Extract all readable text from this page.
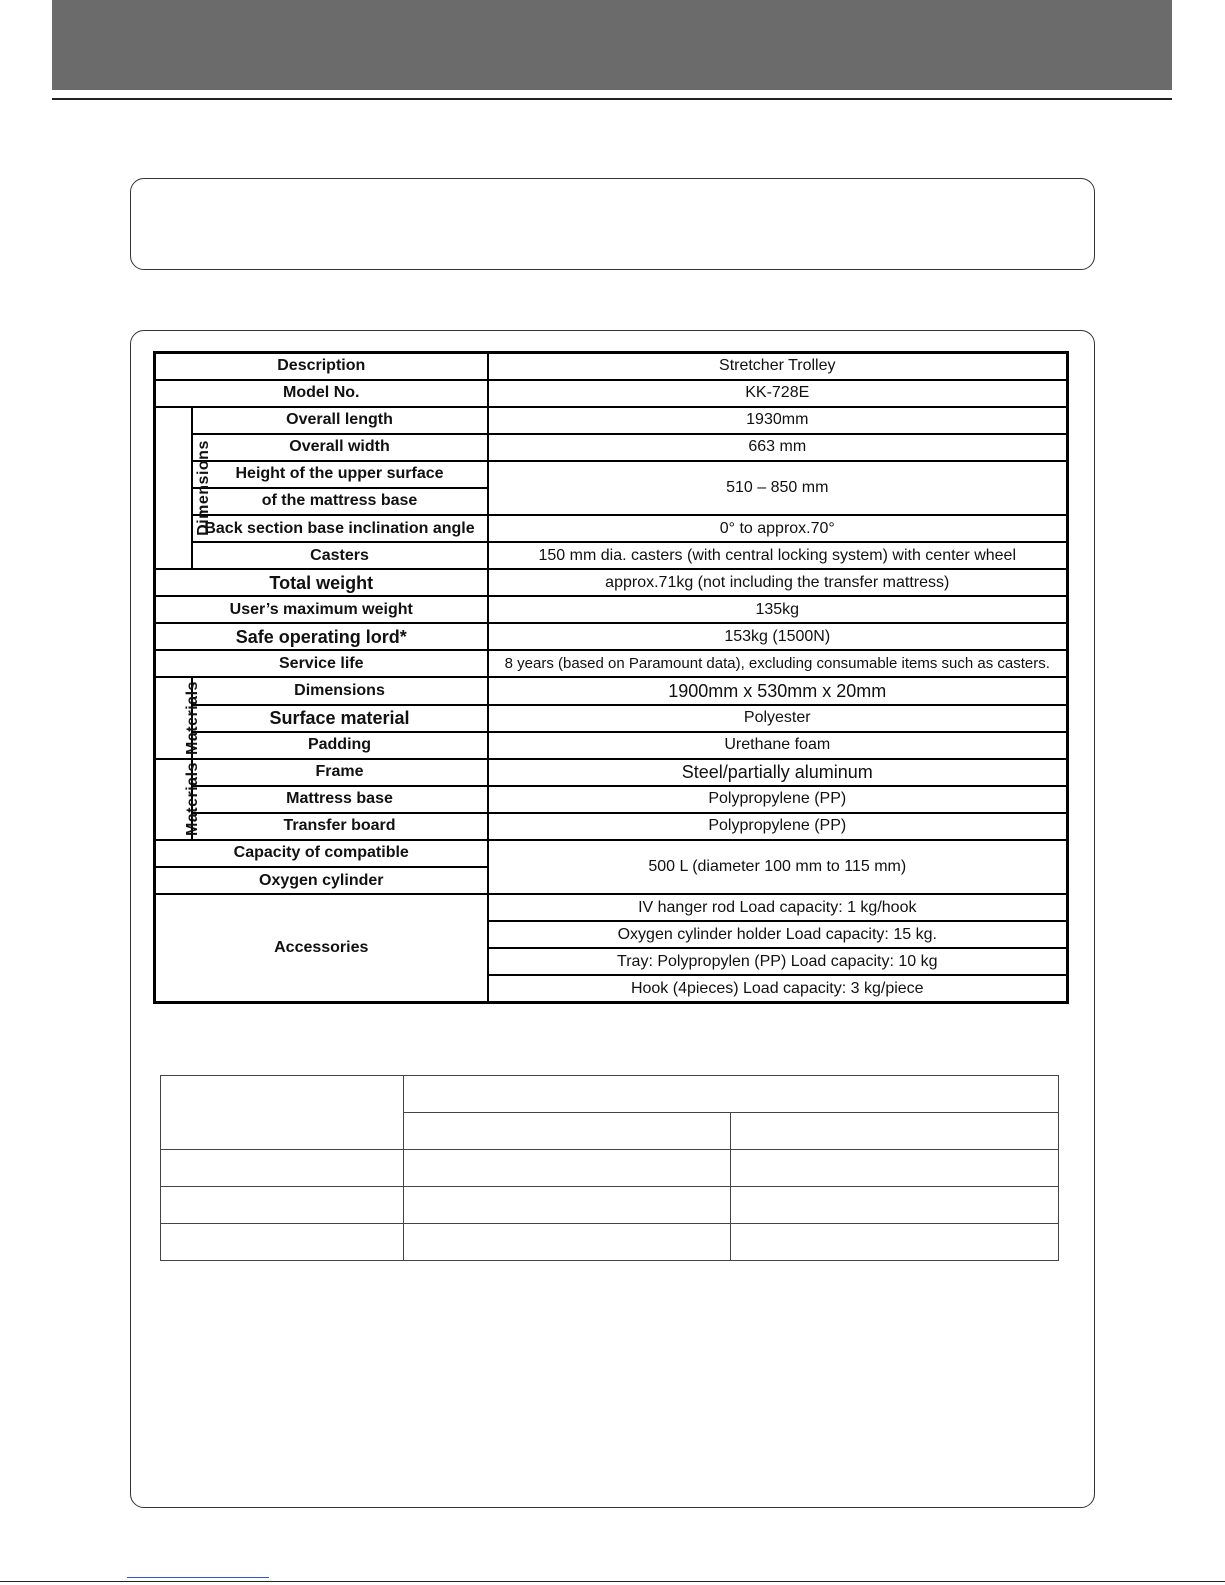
Description		Stretcher Trolley
Model No.		KK-728E
Dimensions	Overall length	1930mm
	Overall width	663 mm
	Height of the upper surface	510 – 850 mm
	of the mattress base	
	Back section base inclination angle	0° to approx.70°
	Casters	150 mm dia. casters (with central locking system) with center wheel
Total weight		approx.71kg (not including the transfer mattress)
User’s maximum weight		135kg
Safe operating lord*		153kg (1500N)
Service life		8 years (based on Paramount data), excluding consumable items such as casters.
Materials	Dimensions	1900mm x 530mm x 20mm
	Surface material	Polyester
	Padding	Urethane foam
Materials	Frame	Steel/partially aluminum
	Mattress base	Polypropylene (PP)
	Transfer board	Polypropylene (PP)
Capacity of compatible		500 L (diameter 100 mm to 115 mm)
Oxygen cylinder		
Accessories		IV hanger rod Load capacity: 1 kg/hook
		Oxygen cylinder holder Load capacity: 15 kg.
		Tray: Polypropylen (PP) Load capacity: 10 kg
		Hook (4pieces) Load capacity: 3 kg/piece
